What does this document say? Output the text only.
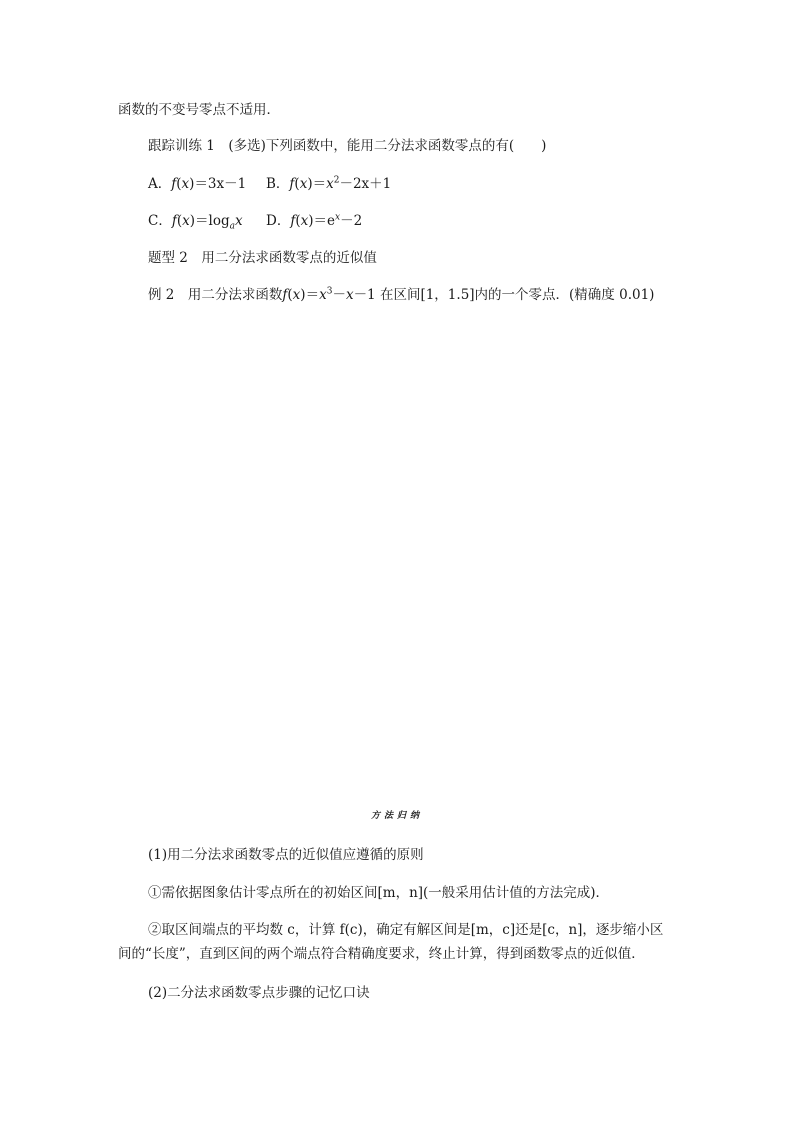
函数的不变号零点不适用．
跟踪训练 1　(多选)下列函数中，能用二分法求函数零点的有(　　)
A．f(x)＝3x－1 B．$f(x)=x^2-2x+1$
C．$f(x)=\log_ax$ D．$f(x)=e^x-2$
题型 2　用二分法求函数零点的近似值
例 2　用二分法求函数$f(x)=x^3-x-1$ 在区间[1，1.5]内的一个零点．(精确度 0.01)
方法归纳
(1)用二分法求函数零点的近似值应遵循的原则
①需依据图象估计零点所在的初始区间[m，n](一般采用估计值的方法完成)．
②取区间端点的平均数 c，计算 f(c)，确定有解区间是[m，c]还是[c，n]，逐步缩小区间的“长度”，直到区间的两个端点符合精确度要求，终止计算，得到函数零点的近似值．
(2)二分法求函数零点步骤的记忆口诀
